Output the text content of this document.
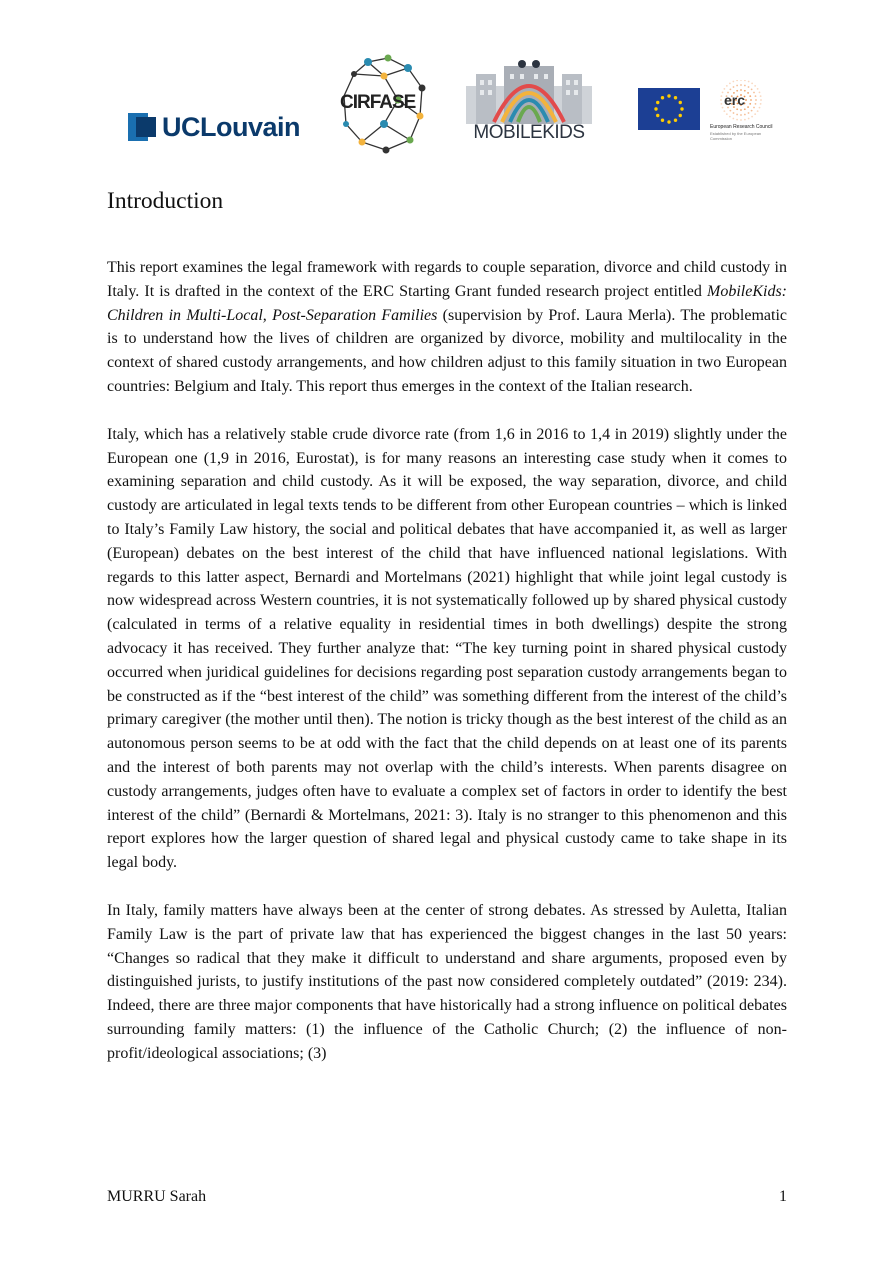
UCLouvain
CIRFASE
MOBILEKIDS
erc
European Research Council
Established by the European Commission
Introduction

This report examines the legal framework with regards to couple separation, divorce and child custody in Italy. It is drafted in the context of the ERC Starting Grant funded research project entitled MobileKids: Children in Multi-Local, Post-Separation Families (supervision by Prof. Laura Merla). The problematic is to understand how the lives of children are organized by divorce, mobility and multilocality in the context of shared custody arrangements, and how children adjust to this family situation in two European countries: Belgium and Italy. This report thus emerges in the context of the Italian research.

Italy, which has a relatively stable crude divorce rate (from 1,6 in 2016 to 1,4 in 2019) slightly under the European one (1,9 in 2016, Eurostat), is for many reasons an interesting case study when it comes to examining separation and child custody. As it will be exposed, the way separation, divorce, and child custody are articulated in legal texts tends to be different from other European countries – which is linked to Italy’s Family Law history, the social and political debates that have accompanied it, as well as larger (European) debates on the best interest of the child that have influenced national legislations. With regards to this latter aspect, Bernardi and Mortelmans (2021) highlight that while joint legal custody is now widespread across Western countries, it is not systematically followed up by shared physical custody (calculated in terms of a relative equality in residential times in both dwellings) despite the strong advocacy it has received. They further analyze that: “The key turning point in shared physical custody occurred when juridical guidelines for decisions regarding post separation custody arrangements began to be constructed as if the “best interest of the child” was something different from the interest of the child’s primary caregiver (the mother until then). The notion is tricky though as the best interest of the child as an autonomous person seems to be at odd with the fact that the child depends on at least one of its parents and the interest of both parents may not overlap with the child’s interests. When parents disagree on custody arrangements, judges often have to evaluate a complex set of factors in order to identify the best interest of the child” (Bernardi & Mortelmans, 2021: 3). Italy is no stranger to this phenomenon and this report explores how the larger question of shared legal and physical custody came to take shape in its legal body.

In Italy, family matters have always been at the center of strong debates. As stressed by Auletta, Italian Family Law is the part of private law that has experienced the biggest changes in the last 50 years: “Changes so radical that they make it difficult to understand and share arguments, proposed even by distinguished jurists, to justify institutions of the past now considered completely outdated” (2019: 234). Indeed, there are three major components that have historically had a strong influence on political debates surrounding family matters: (1) the influence of the Catholic Church; (2) the influence of non-profit/ideological associations; (3)

MURRU Sarah	1
